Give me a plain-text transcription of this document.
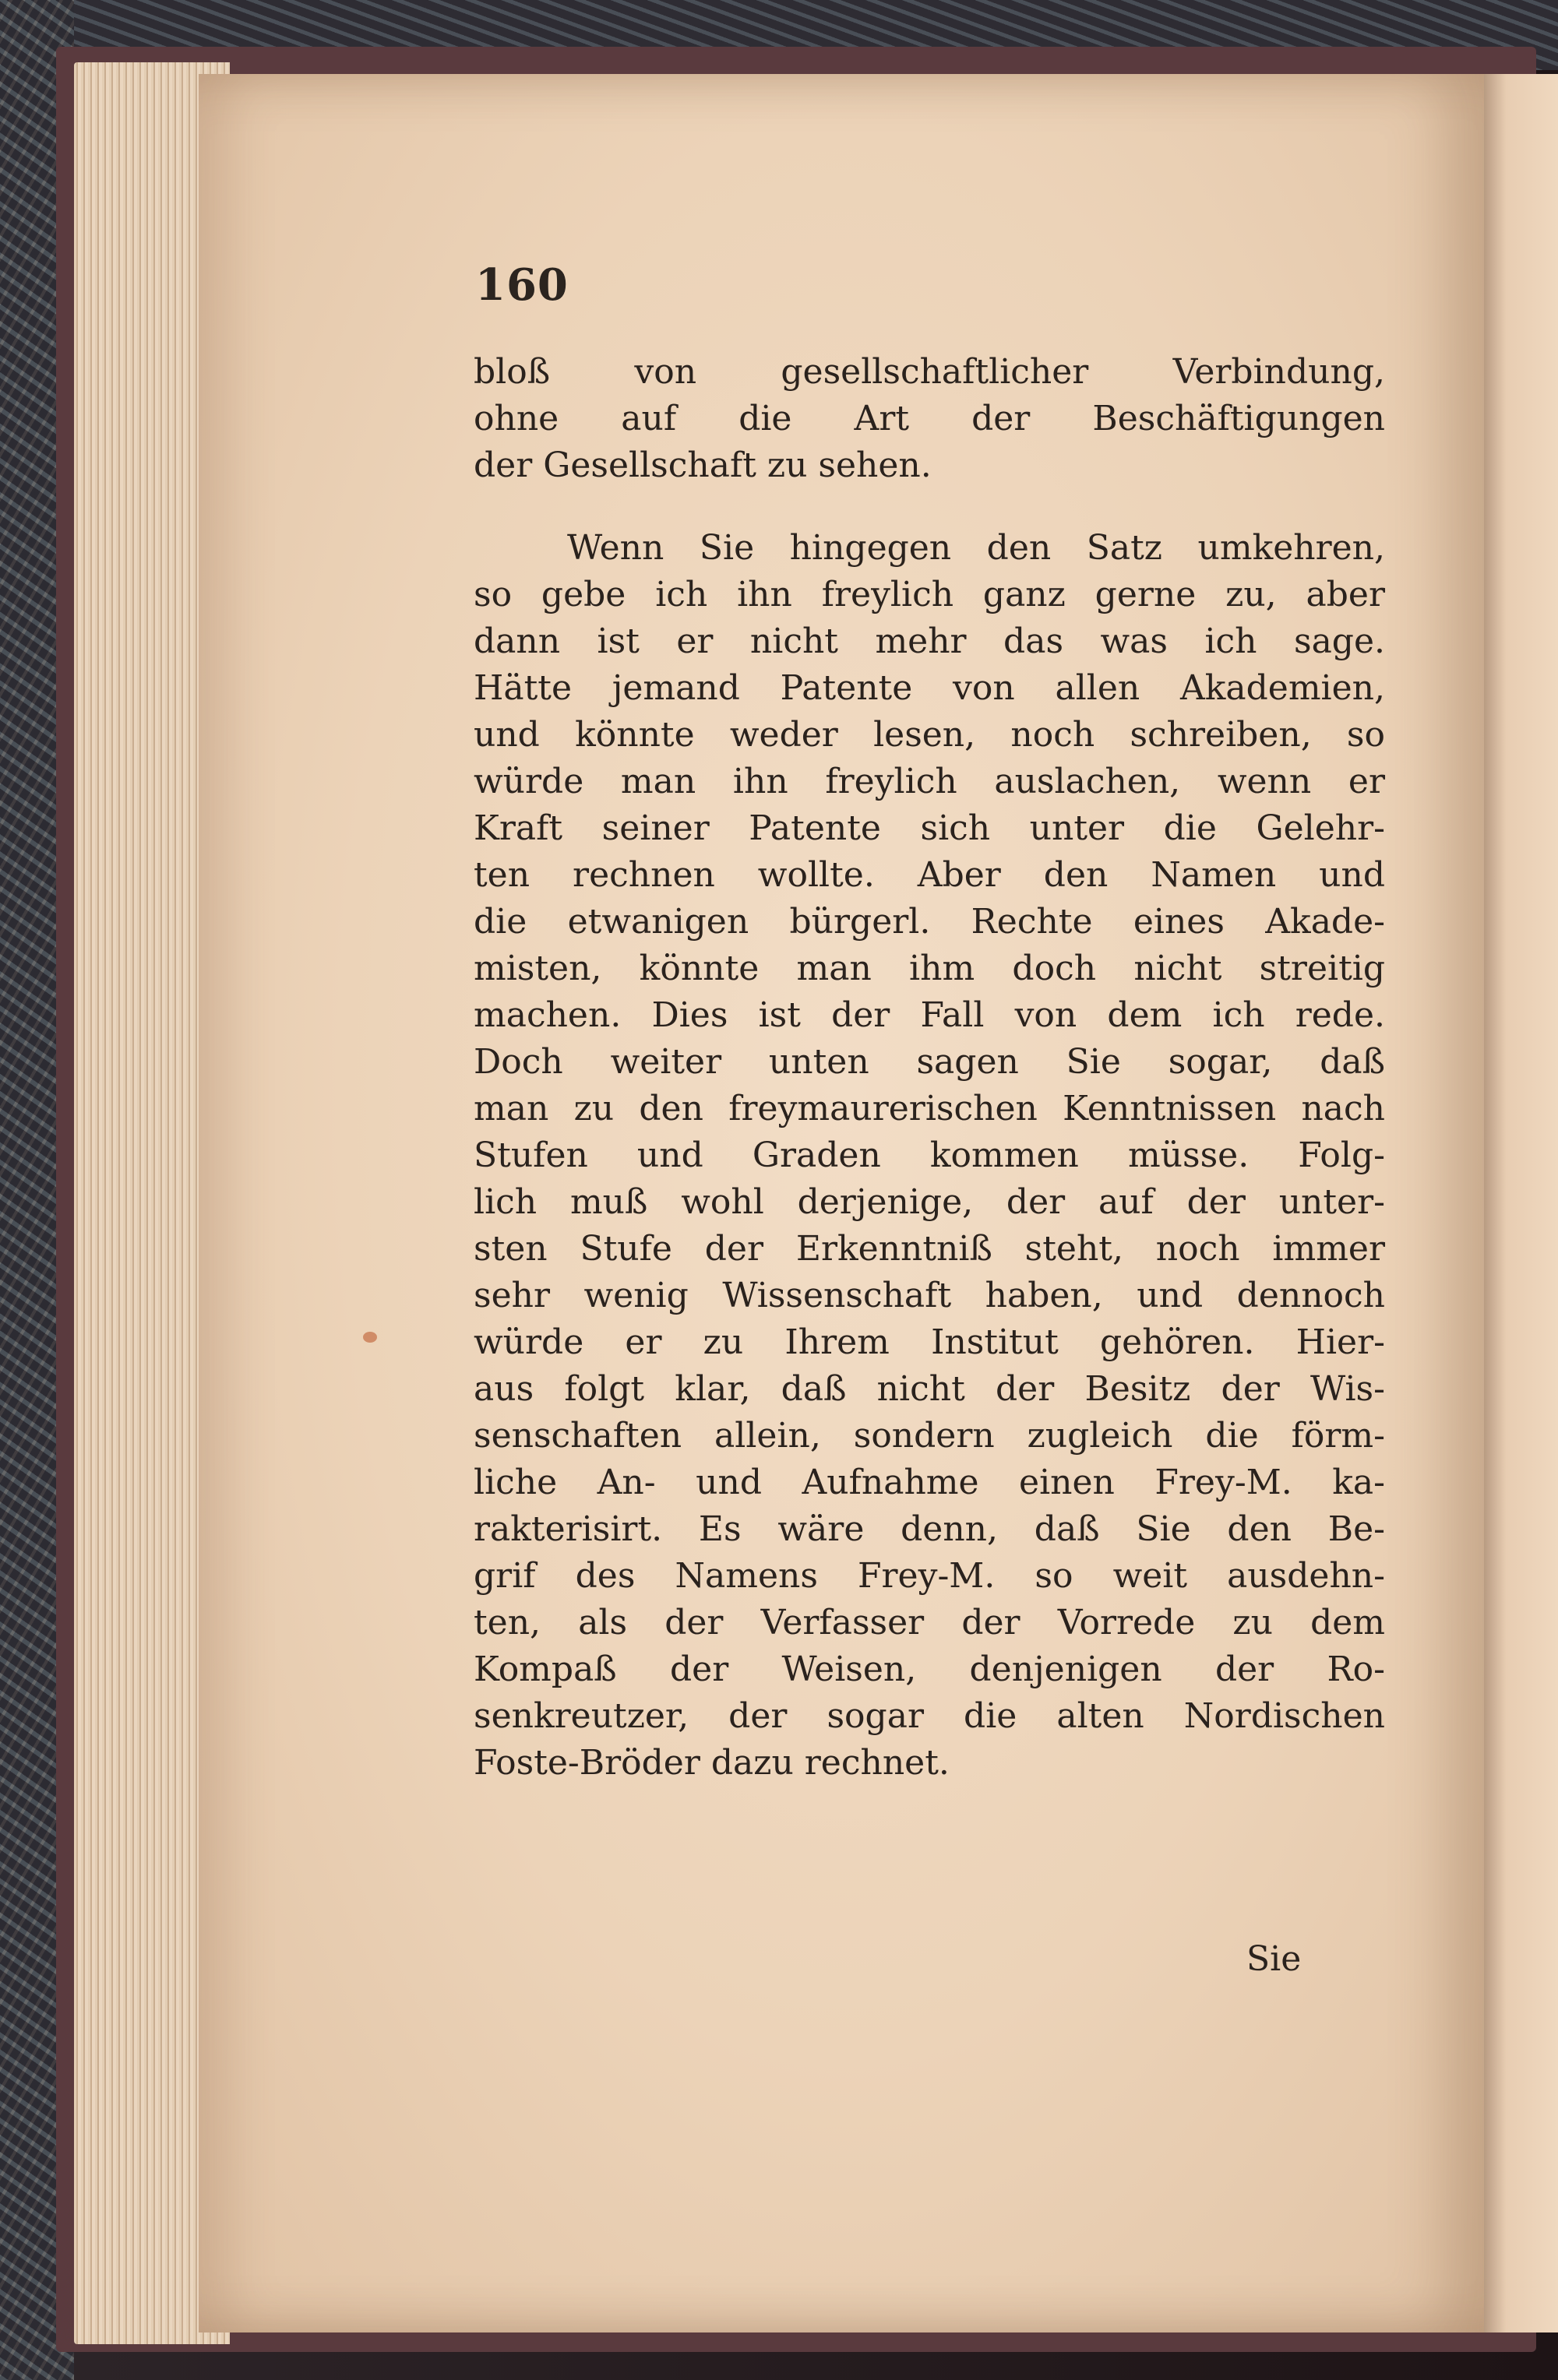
160
bloß von gesellschaftlicher Verbindung,
ohne auf die Art der Beschäftigungen
der Gesellschaft zu sehen.
Wenn Sie hingegen den Satz umkehren,
so gebe ich ihn freylich ganz gerne zu, aber
dann ist er nicht mehr das was ich sage.
Hätte jemand Patente von allen Akademien,
und könnte weder lesen, noch schreiben, so
würde man ihn freylich auslachen, wenn er
Kraft seiner Patente sich unter die Gelehr-
ten rechnen wollte. Aber den Namen und
die etwanigen bürgerl. Rechte eines Akade-
misten, könnte man ihm doch nicht streitig
machen. Dies ist der Fall von dem ich rede.
Doch weiter unten sagen Sie sogar, daß
man zu den freymaurerischen Kenntnissen nach
Stufen und Graden kommen müsse. Folg-
lich muß wohl derjenige, der auf der unter-
sten Stufe der Erkenntniß steht, noch immer
sehr wenig Wissenschaft haben, und dennoch
würde er zu Ihrem Institut gehören. Hier-
aus folgt klar, daß nicht der Besitz der Wis-
senschaften allein, sondern zugleich die förm-
liche An- und Aufnahme einen Frey-M. ka-
rakterisirt. Es wäre denn, daß Sie den Be-
grif des Namens Frey-M. so weit ausdehn-
ten, als der Verfasser der Vorrede zu dem
Kompaß der Weisen, denjenigen der Ro-
senkreutzer, der sogar die alten Nordischen
Foste-Bröder dazu rechnet.
Sie
